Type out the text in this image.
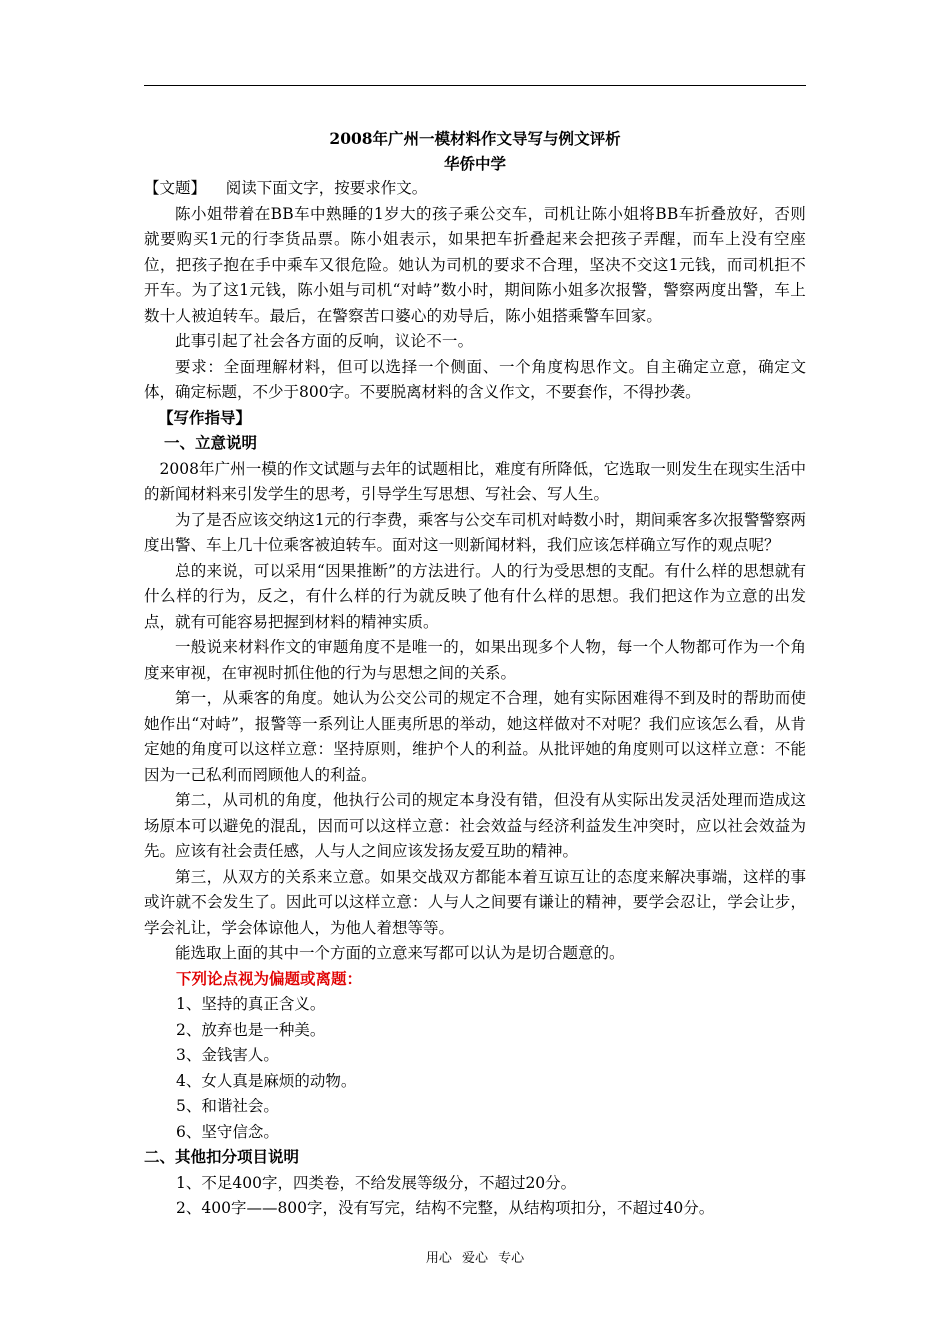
2008年广州一模材料作文导写与例文评析
华侨中学

【文题】 阅读下面文字，按要求作文。

陈小姐带着在BB车中熟睡的1岁大的孩子乘公交车，司机让陈小姐将BB车折叠放好，否则就要购买1元的行李货品票。陈小姐表示，如果把车折叠起来会把孩子弄醒，而车上没有空座位，把孩子抱在手中乘车又很危险。她认为司机的要求不合理，坚决不交这1元钱，而司机拒不开车。为了这1元钱，陈小姐与司机“对峙”数小时，期间陈小姐多次报警，警察两度出警，车上数十人被迫转车。最后，在警察苦口婆心的劝导后，陈小姐搭乘警车回家。

此事引起了社会各方面的反响，议论不一。

要求：全面理解材料，但可以选择一个侧面、一个角度构思作文。自主确定立意，确定文体，确定标题，不少于800字。不要脱离材料的含义作文，不要套作，不得抄袭。

【写作指导】

一、立意说明

2008年广州一模的作文试题与去年的试题相比，难度有所降低，它选取一则发生在现实生活中的新闻材料来引发学生的思考，引导学生写思想、写社会、写人生。

为了是否应该交纳这1元的行李费，乘客与公交车司机对峙数小时，期间乘客多次报警警察两度出警、车上几十位乘客被迫转车。面对这一则新闻材料，我们应该怎样确立写作的观点呢？

总的来说，可以采用“因果推断”的方法进行。人的行为受思想的支配。有什么样的思想就有什么样的行为，反之，有什么样的行为就反映了他有什么样的思想。我们把这作为立意的出发点，就有可能容易把握到材料的精神实质。

一般说来材料作文的审题角度不是唯一的，如果出现多个人物，每一个人物都可作为一个角度来审视，在审视时抓住他的行为与思想之间的关系。

第一，从乘客的角度。她认为公交公司的规定不合理，她有实际困难得不到及时的帮助而使她作出“对峙”，报警等一系列让人匪夷所思的举动，她这样做对不对呢？我们应该怎么看，从肯定她的角度可以这样立意：坚持原则，维护个人的利益。从批评她的角度则可以这样立意：不能因为一己私利而罔顾他人的利益。

第二，从司机的角度，他执行公司的规定本身没有错，但没有从实际出发灵活处理而造成这场原本可以避免的混乱，因而可以这样立意：社会效益与经济利益发生冲突时，应以社会效益为先。应该有社会责任感，人与人之间应该发扬友爱互助的精神。

第三，从双方的关系来立意。如果交战双方都能本着互谅互让的态度来解决事端，这样的事或许就不会发生了。因此可以这样立意：人与人之间要有谦让的精神，要学会忍让，学会让步，学会礼让，学会体谅他人，为他人着想等等。

能选取上面的其中一个方面的立意来写都可以认为是切合题意的。

下列论点视为偏题或离题：

1、坚持的真正含义。
2、放弃也是一种美。
3、金钱害人。
4、女人真是麻烦的动物。
5、和谐社会。
6、坚守信念。

二、其他扣分项目说明

1、不足400字，四类卷，不给发展等级分，不超过20分。
2、400字——800字，没有写完，结构不完整，从结构项扣分，不超过40分。
用心 爱心 专心
